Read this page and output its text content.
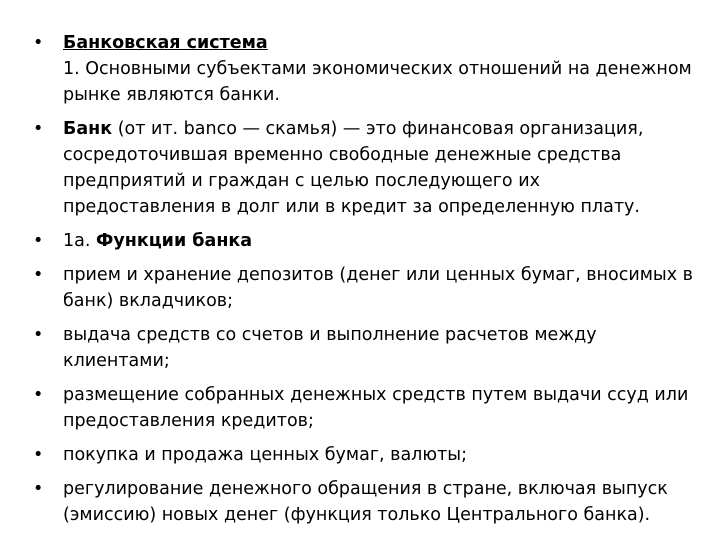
• Банковская система
1. Основными субъектами экономических отношений на денежном рынке являются банки.
• Банк (от ит. banco — скамья) — это финансовая организация, сосредоточившая временно свободные денежные средства предприятий и граждан с целью последующего их предоставления в долг или в кредит за определенную плату.
• 1а. Функции банка
• прием и хранение депозитов (денег или ценных бумаг, вносимых в банк) вкладчиков;
• выдача средств со счетов и выполнение расчетов между клиентами;
• размещение собранных денежных средств путем выдачи ссуд или предоставления кредитов;
• покупка и продажа ценных бумаг, валюты;
• регулирование денежного обращения в стране, включая выпуск (эмиссию) новых денег (функция только Центрального банка).
